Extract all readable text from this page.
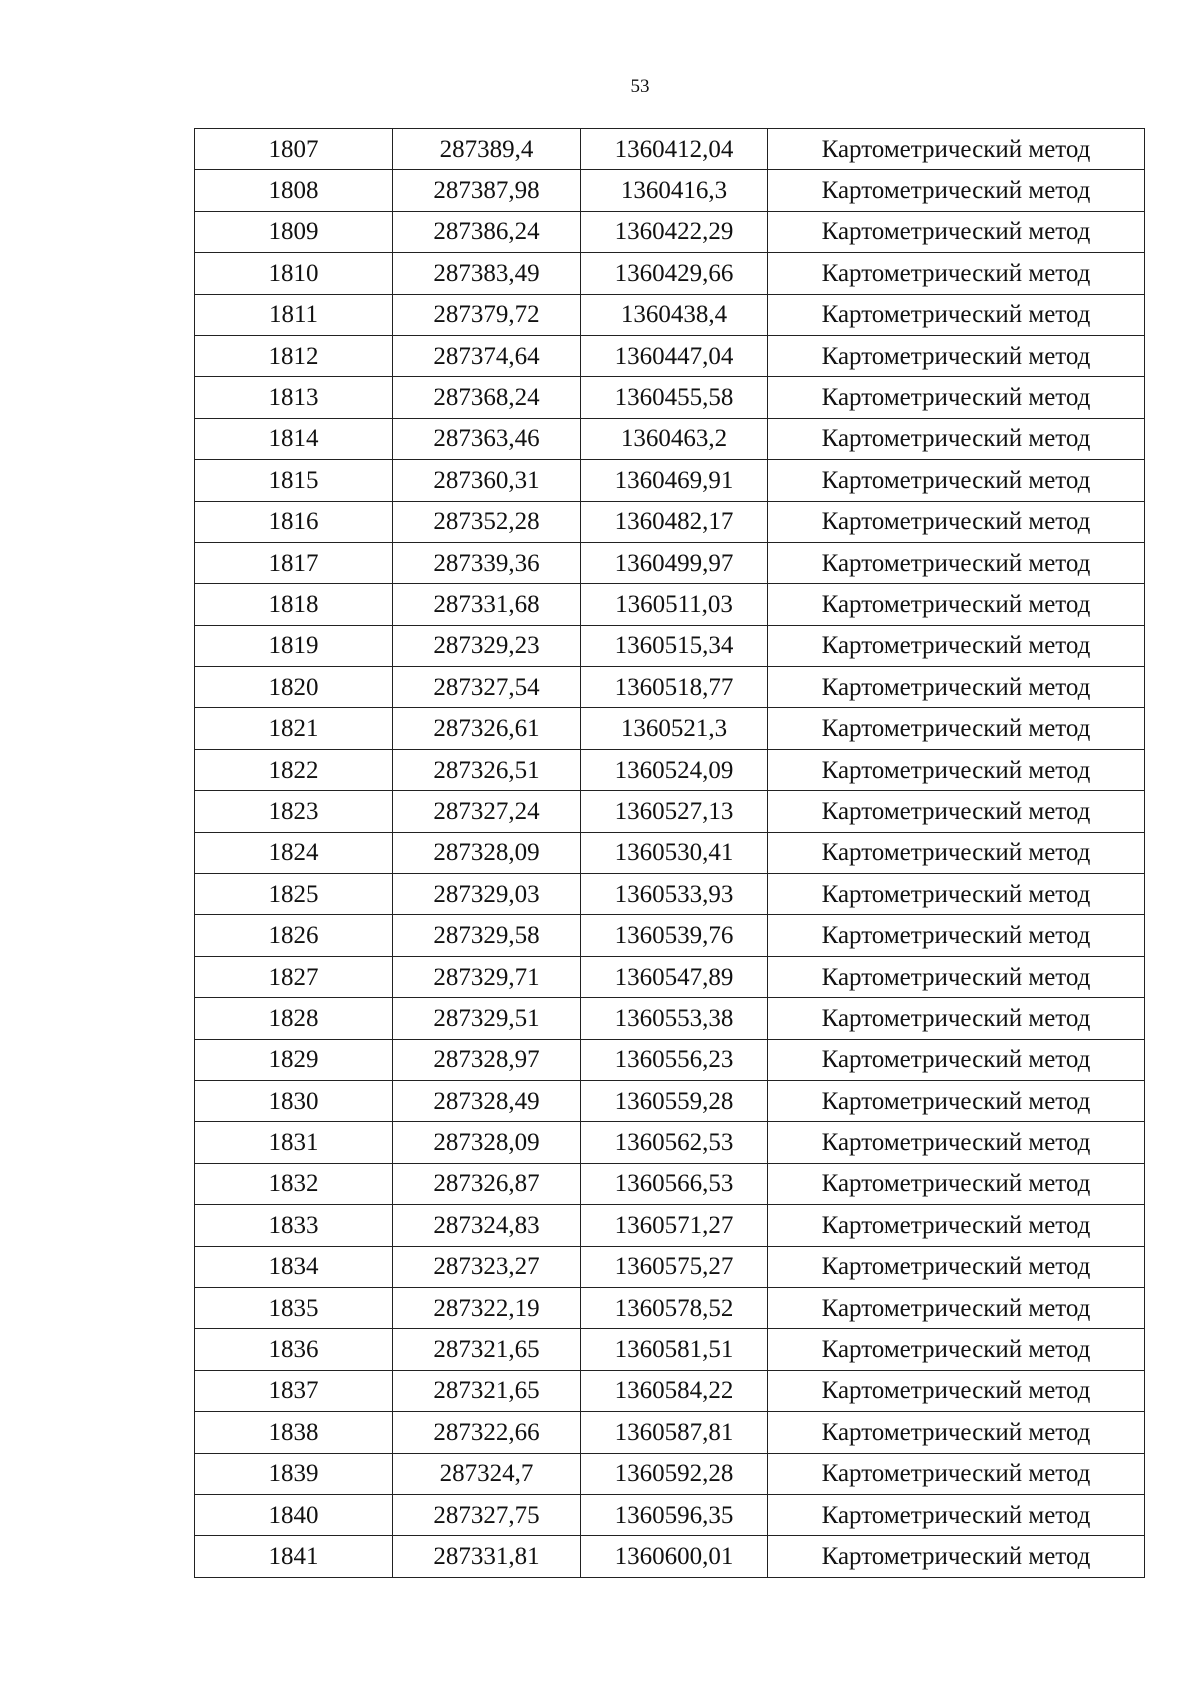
53
1807	287389,4	1360412,04	Картометрический метод
1808	287387,98	1360416,3	Картометрический метод
1809	287386,24	1360422,29	Картометрический метод
1810	287383,49	1360429,66	Картометрический метод
1811	287379,72	1360438,4	Картометрический метод
1812	287374,64	1360447,04	Картометрический метод
1813	287368,24	1360455,58	Картометрический метод
1814	287363,46	1360463,2	Картометрический метод
1815	287360,31	1360469,91	Картометрический метод
1816	287352,28	1360482,17	Картометрический метод
1817	287339,36	1360499,97	Картометрический метод
1818	287331,68	1360511,03	Картометрический метод
1819	287329,23	1360515,34	Картометрический метод
1820	287327,54	1360518,77	Картометрический метод
1821	287326,61	1360521,3	Картометрический метод
1822	287326,51	1360524,09	Картометрический метод
1823	287327,24	1360527,13	Картометрический метод
1824	287328,09	1360530,41	Картометрический метод
1825	287329,03	1360533,93	Картометрический метод
1826	287329,58	1360539,76	Картометрический метод
1827	287329,71	1360547,89	Картометрический метод
1828	287329,51	1360553,38	Картометрический метод
1829	287328,97	1360556,23	Картометрический метод
1830	287328,49	1360559,28	Картометрический метод
1831	287328,09	1360562,53	Картометрический метод
1832	287326,87	1360566,53	Картометрический метод
1833	287324,83	1360571,27	Картометрический метод
1834	287323,27	1360575,27	Картометрический метод
1835	287322,19	1360578,52	Картометрический метод
1836	287321,65	1360581,51	Картометрический метод
1837	287321,65	1360584,22	Картометрический метод
1838	287322,66	1360587,81	Картометрический метод
1839	287324,7	1360592,28	Картометрический метод
1840	287327,75	1360596,35	Картометрический метод
1841	287331,81	1360600,01	Картометрический метод
